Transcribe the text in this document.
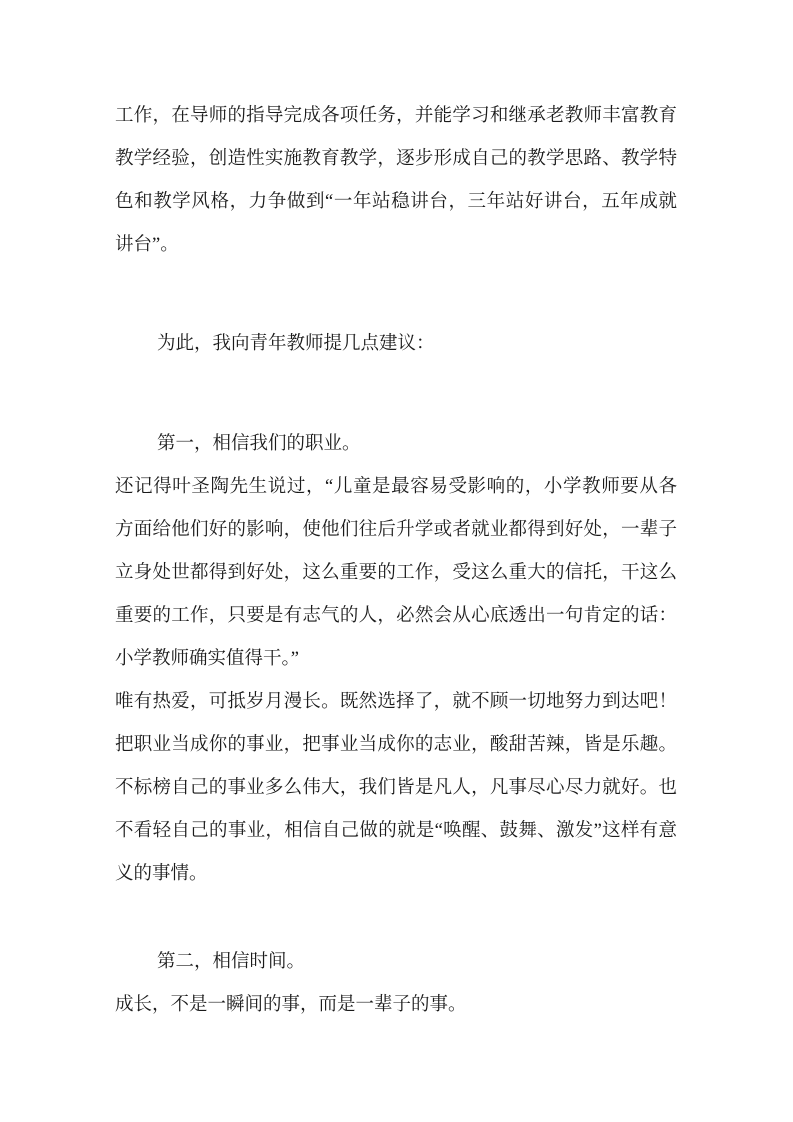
工作，在导师的指导完成各项任务，并能学习和继承老教师丰富教育教学经验，创造性实施教育教学，逐步形成自己的教学思路、教学特色和教学风格，力争做到“一年站稳讲台，三年站好讲台，五年成就讲台”。

为此，我向青年教师提几点建议：

第一，相信我们的职业。

还记得叶圣陶先生说过，“儿童是最容易受影响的，小学教师要从各方面给他们好的影响，使他们往后升学或者就业都得到好处，一辈子立身处世都得到好处，这么重要的工作，受这么重大的信托，干这么重要的工作，只要是有志气的人，必然会从心底透出一句肯定的话：小学教师确实值得干。”

唯有热爱，可抵岁月漫长。既然选择了，就不顾一切地努力到达吧！把职业当成你的事业，把事业当成你的志业，酸甜苦辣，皆是乐趣。不标榜自己的事业多么伟大，我们皆是凡人，凡事尽心尽力就好。也不看轻自己的事业，相信自己做的就是“唤醒、鼓舞、激发”这样有意义的事情。

第二，相信时间。

成长，不是一瞬间的事，而是一辈子的事。
